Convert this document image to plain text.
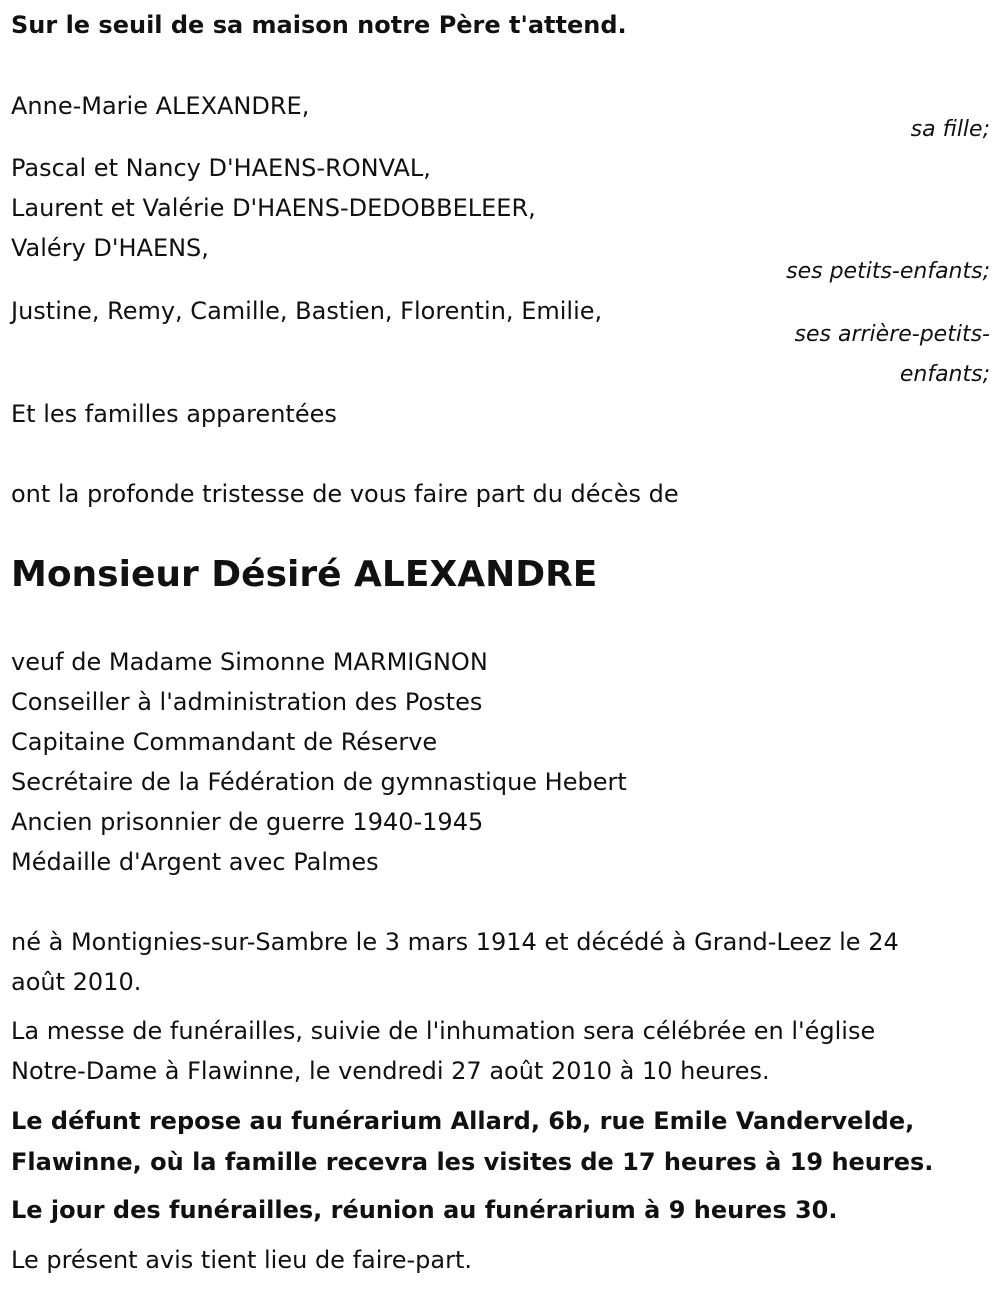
Sur le seuil de sa maison notre Père t'attend.
Anne-Marie ALEXANDRE,
sa fille;
Pascal et Nancy D'HAENS-RONVAL,
Laurent et Valérie D'HAENS-DEDOBBELEER,
Valéry D'HAENS,
ses petits-enfants;
Justine, Remy, Camille, Bastien, Florentin, Emilie,
ses arrière-petits-
enfants;
Et les familles apparentées
ont la profonde tristesse de vous faire part du décès de
Monsieur Désiré ALEXANDRE
veuf de Madame Simonne MARMIGNON
Conseiller à l'administration des Postes
Capitaine Commandant de Réserve
Secrétaire de la Fédération de gymnastique Hebert
Ancien prisonnier de guerre 1940-1945
Médaille d'Argent avec Palmes
né à Montignies-sur-Sambre le 3 mars 1914 et décédé à Grand-Leez le 24
août 2010.
La messe de funérailles, suivie de l'inhumation sera célébrée en l'église
Notre-Dame à Flawinne, le vendredi 27 août 2010 à 10 heures.
Le défunt repose au funérarium Allard, 6b, rue Emile Vandervelde,
Flawinne, où la famille recevra les visites de 17 heures à 19 heures.
Le jour des funérailles, réunion au funérarium à 9 heures 30.
Le présent avis tient lieu de faire-part.
